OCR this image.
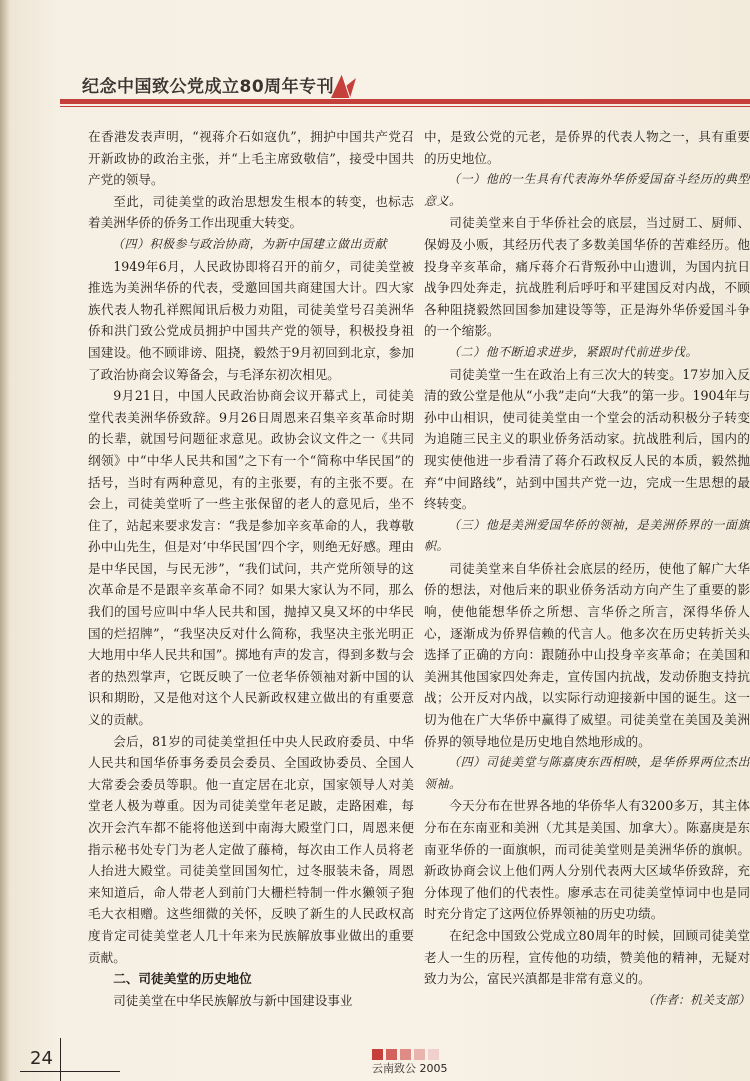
纪念中国致公党成立80周年专刊

在香港发表声明，“视蒋介石如寇仇”，拥护中国共产党召开新政协的政治主张，并“上毛主席致敬信”，接受中国共产党的领导。

至此，司徒美堂的政治思想发生根本的转变，也标志着美洲华侨的侨务工作出现重大转变。

（四）积极参与政治协商，为新中国建立做出贡献

1949年6月，人民政协即将召开的前夕，司徒美堂被推选为美洲华侨的代表，受邀回国共商建国大计。四大家族代表人物孔祥熙闻讯后极力劝阻，司徒美堂号召美洲华侨和洪门致公党成员拥护中国共产党的领导，积极投身祖国建设。他不顾诽谤、阻挠，毅然于9月初回到北京，参加了政治协商会议筹备会，与毛泽东初次相见。

9月21日，中国人民政治协商会议开幕式上，司徒美堂代表美洲华侨致辞。9月26日周恩来召集辛亥革命时期的长辈，就国号问题征求意见。政协会议文件之一《共同纲领》中“中华人民共和国”之下有一个“简称中华民国”的括号，当时有两种意见，有的主张要，有的主张不要。在会上，司徒美堂听了一些主张保留的老人的意见后，坐不住了，站起来要求发言：“我是参加辛亥革命的人，我尊敬孙中山先生，但是对‘中华民国’四个字，则绝无好感。理由是中华民国，与民无涉”，“我们试问，共产党所领导的这次革命是不是跟辛亥革命不同？如果大家认为不同，那么我们的国号应叫中华人民共和国，抛掉又臭又坏的中华民国的烂招牌”，“我坚决反对什么简称，我坚决主张光明正大地用中华人民共和国”。掷地有声的发言，得到多数与会者的热烈掌声，它既反映了一位老华侨领袖对新中国的认识和期盼，又是他对这个人民新政权建立做出的有重要意义的贡献。

会后，81岁的司徒美堂担任中央人民政府委员、中华人民共和国华侨事务委员会委员、全国政协委员、全国人大常委会委员等职。他一直定居在北京，国家领导人对美堂老人极为尊重。因为司徒美堂年老足跛，走路困难，每次开会汽车都不能将他送到中南海大殿堂门口，周恩来便指示秘书处专门为老人定做了藤椅，每次由工作人员将老人抬进大殿堂。司徒美堂回国匆忙，过冬服装未备，周恩来知道后，命人带老人到前门大栅栏特制一件水獭领子狍毛大衣相赠。这些细微的关怀，反映了新生的人民政权高度肯定司徒美堂老人几十年来为民族解放事业做出的重要贡献。

二、司徒美堂的历史地位

司徒美堂在中华民族解放与新中国建设事业

中，是致公党的元老，是侨界的代表人物之一，具有重要的历史地位。

（一）他的一生具有代表海外华侨爱国奋斗经历的典型意义。

司徒美堂来自于华侨社会的底层，当过厨工、厨师、保姆及小贩，其经历代表了多数美国华侨的苦难经历。他投身辛亥革命，痛斥蒋介石背叛孙中山遗训，为国内抗日战争四处奔走，抗战胜利后呼吁和平建国反对内战，不顾各种阻挠毅然回国参加建设等等，正是海外华侨爱国斗争的一个缩影。

（二）他不断追求进步，紧跟时代前进步伐。

司徒美堂一生在政治上有三次大的转变。17岁加入反清的致公堂是他从“小我”走向“大我”的第一步。1904年与孙中山相识，使司徒美堂由一个堂会的活动积极分子转变为追随三民主义的职业侨务活动家。抗战胜利后，国内的现实使他进一步看清了蒋介石政权反人民的本质，毅然抛弃“中间路线”，站到中国共产党一边，完成一生思想的最终转变。

（三）他是美洲爱国华侨的领袖，是美洲侨界的一面旗帜。

司徒美堂来自华侨社会底层的经历，使他了解广大华侨的想法，对他后来的职业侨务活动方向产生了重要的影响，使他能想华侨之所想、言华侨之所言，深得华侨人心，逐渐成为侨界信赖的代言人。他多次在历史转折关头选择了正确的方向：跟随孙中山投身辛亥革命；在美国和美洲其他国家四处奔走，宣传国内抗战，发动侨胞支持抗战；公开反对内战，以实际行动迎接新中国的诞生。这一切为他在广大华侨中赢得了威望。司徒美堂在美国及美洲侨界的领导地位是历史地自然地形成的。

（四）司徒美堂与陈嘉庚东西相映，是华侨界两位杰出领袖。

今天分布在世界各地的华侨华人有3200多万，其主体分布在东南亚和美洲（尤其是美国、加拿大）。陈嘉庚是东南亚华侨的一面旗帜，而司徒美堂则是美洲华侨的旗帜。新政协商会议上他们两人分别代表两大区域华侨致辞，充分体现了他们的代表性。廖承志在司徒美堂悼词中也是同时充分肯定了这两位侨界领袖的历史功绩。

在纪念中国致公党成立80周年的时候，回顾司徒美堂老人一生的历程，宣传他的功绩，赞美他的精神，无疑对致力为公，富民兴滇都是非常有意义的。

（作者：机关支部）

云南致公 2005
24
